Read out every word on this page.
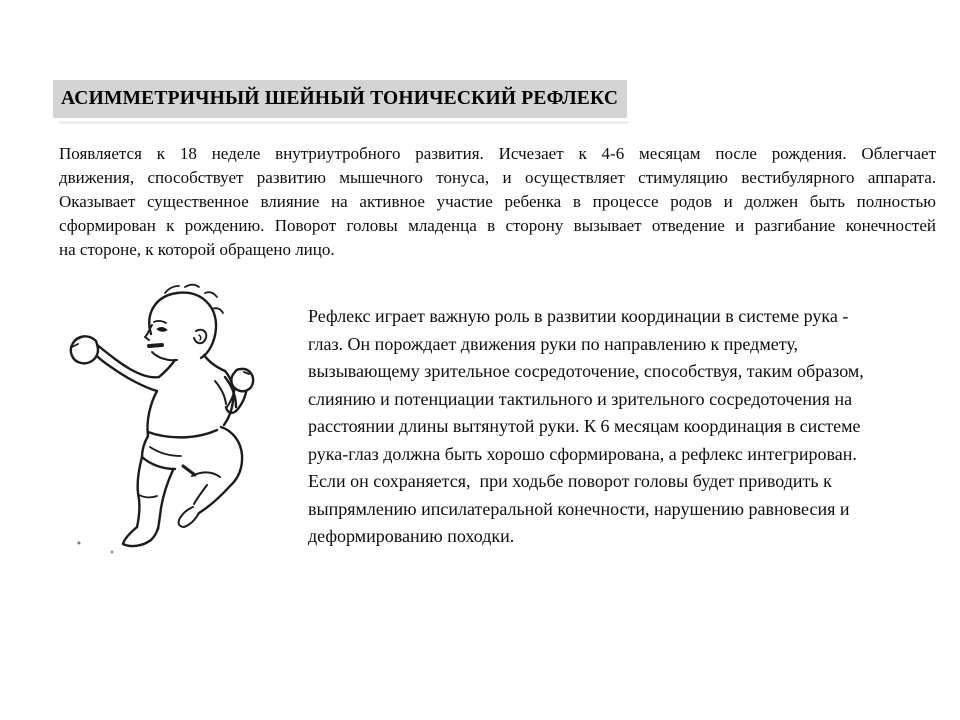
АСИММЕТРИЧНЫЙ ШЕЙНЫЙ ТОНИЧЕСКИЙ РЕФЛЕКС
Появляется к 18 неделе внутриутробного развития. Исчезает к 4-6 месяцам после рождения. Облегчает
движения, способствует развитию мышечного тонуса, и осуществляет стимуляцию вестибулярного аппарата.
Оказывает существенное влияние на активное участие ребенка в процессе родов и должен быть полностью
сформирован к рождению. Поворот головы младенца в сторону вызывает отведение и разгибание конечностей
на стороне, к которой обращено лицо.
Рефлекс играет важную роль в развитии координации в системе рука -
глаз. Он порождает движения руки по направлению к предмету,
вызывающему зрительное сосредоточение, способствуя, таким образом,
слиянию и потенциации тактильного и зрительного сосредоточения на
расстоянии длины вытянутой руки. К 6 месяцам координация в системе
рука-глаз должна быть хорошо сформирована, а рефлекс интегрирован.
Если он сохраняется,  при ходьбе поворот головы будет приводить к
выпрямлению ипсилатеральной конечности, нарушению равновесия и
деформированию походки.
